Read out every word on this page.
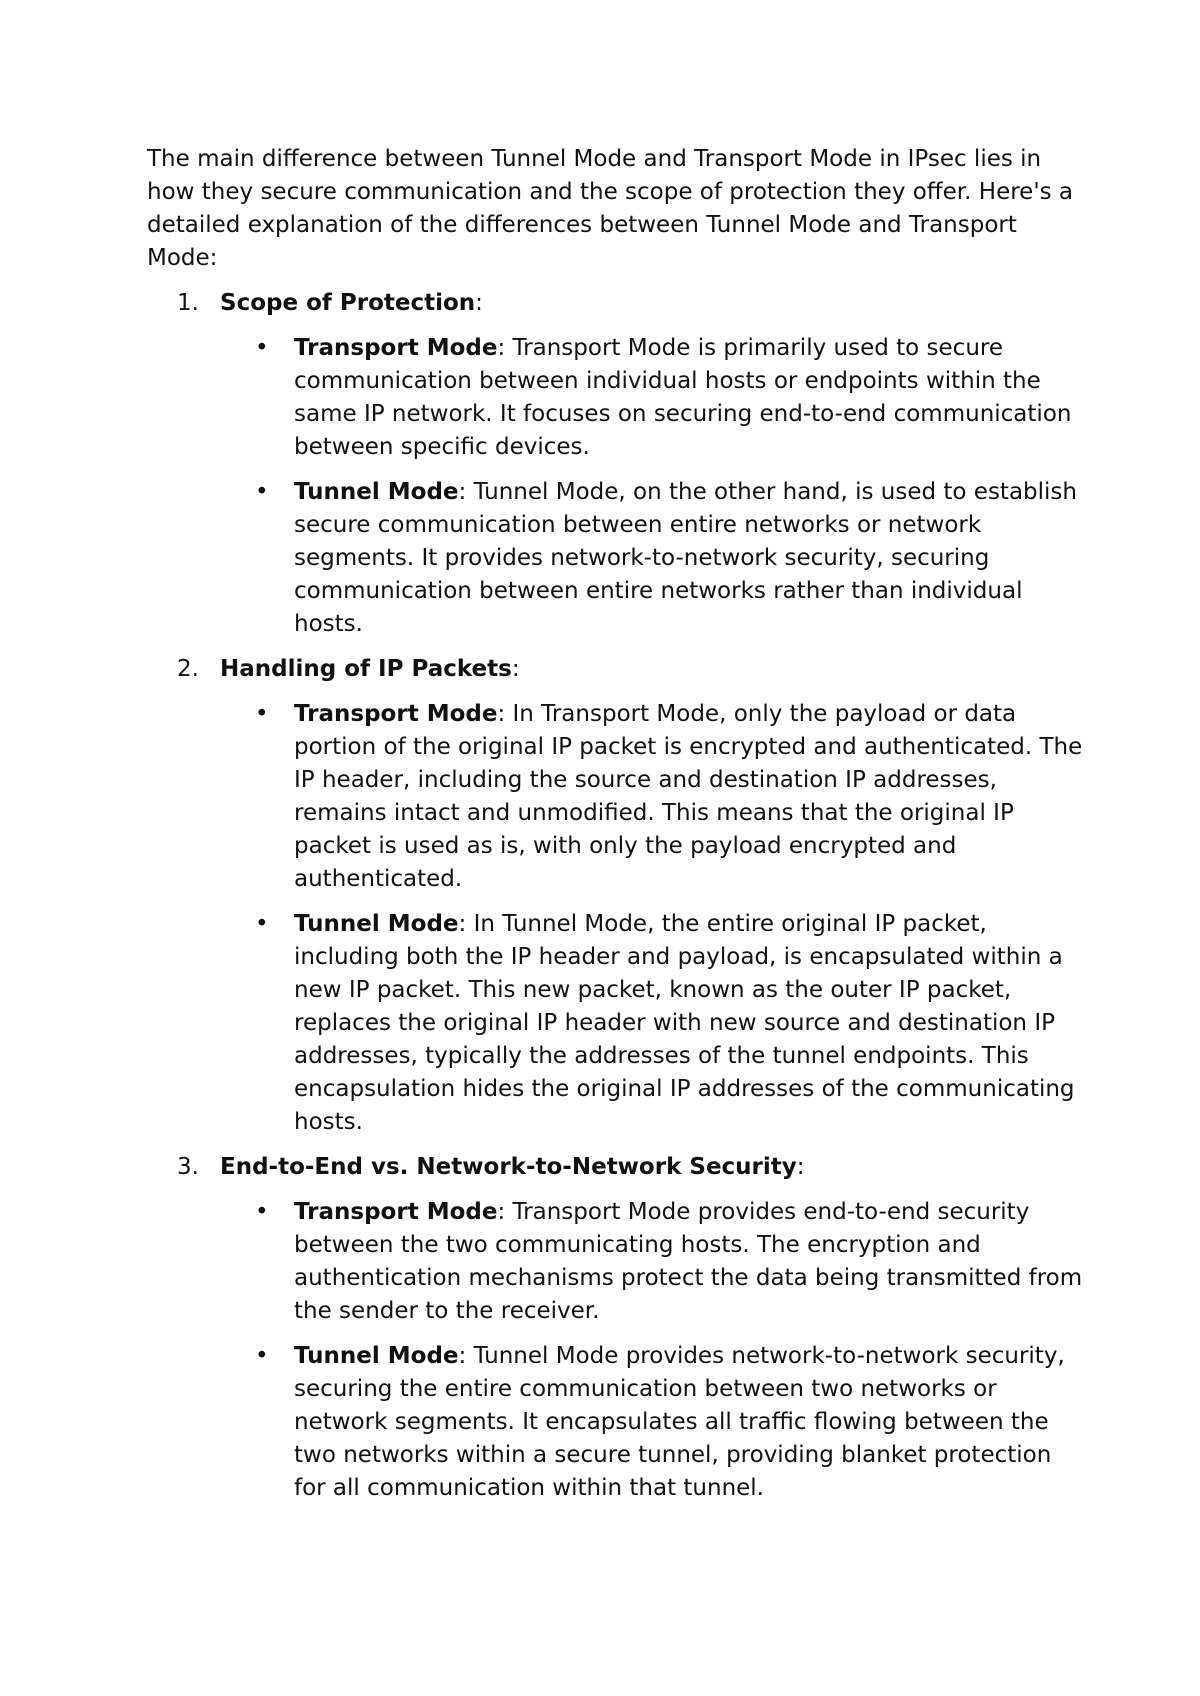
The main difference between Tunnel Mode and Transport Mode in IPsec lies in how they secure communication and the scope of protection they offer. Here's a detailed explanation of the differences between Tunnel Mode and Transport Mode:

1. Scope of Protection:
• Transport Mode: Transport Mode is primarily used to secure communication between individual hosts or endpoints within the same IP network. It focuses on securing end-to-end communication between specific devices.
• Tunnel Mode: Tunnel Mode, on the other hand, is used to establish secure communication between entire networks or network segments. It provides network-to-network security, securing communication between entire networks rather than individual hosts.
2. Handling of IP Packets:
• Transport Mode: In Transport Mode, only the payload or data portion of the original IP packet is encrypted and authenticated. The IP header, including the source and destination IP addresses, remains intact and unmodified. This means that the original IP packet is used as is, with only the payload encrypted and authenticated.
• Tunnel Mode: In Tunnel Mode, the entire original IP packet, including both the IP header and payload, is encapsulated within a new IP packet. This new packet, known as the outer IP packet, replaces the original IP header with new source and destination IP addresses, typically the addresses of the tunnel endpoints. This encapsulation hides the original IP addresses of the communicating hosts.
3. End-to-End vs. Network-to-Network Security:
• Transport Mode: Transport Mode provides end-to-end security between the two communicating hosts. The encryption and authentication mechanisms protect the data being transmitted from the sender to the receiver.
• Tunnel Mode: Tunnel Mode provides network-to-network security, securing the entire communication between two networks or network segments. It encapsulates all traffic flowing between the two networks within a secure tunnel, providing blanket protection for all communication within that tunnel.
